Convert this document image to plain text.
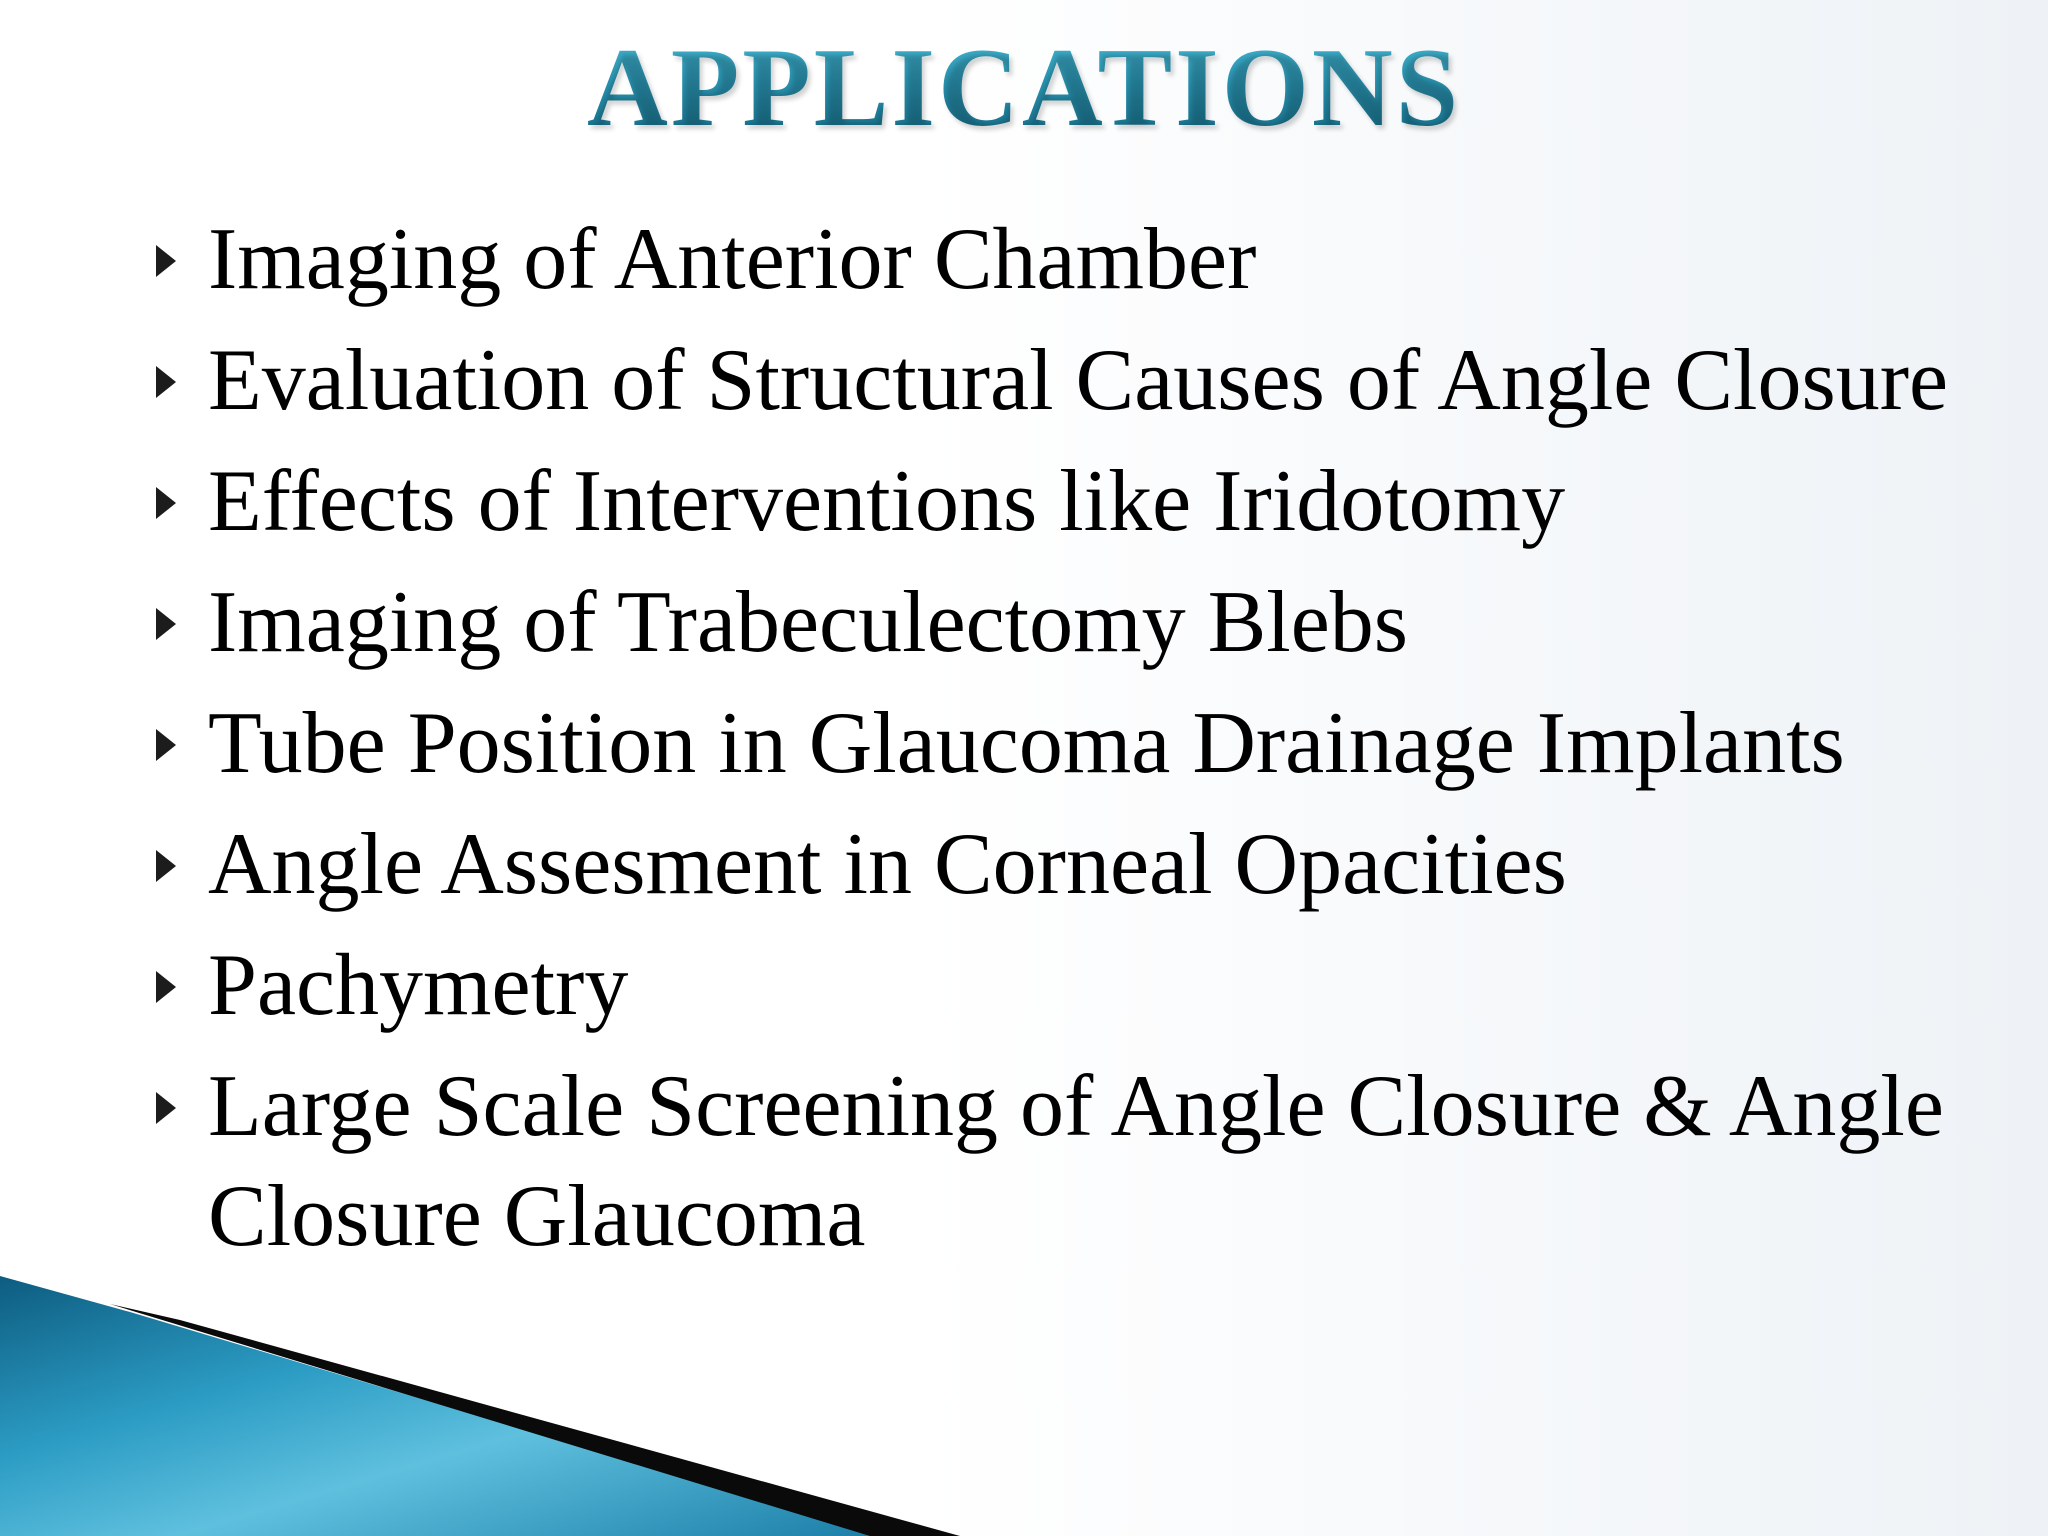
APPLICATIONS
Imaging of Anterior Chamber
Evaluation of Structural Causes of Angle Closure
Effects of Interventions like Iridotomy
Imaging of Trabeculectomy Blebs
Tube Position in Glaucoma Drainage Implants
Angle Assesment in Corneal Opacities
Pachymetry
Large Scale Screening of Angle Closure & Angle Closure Glaucoma
